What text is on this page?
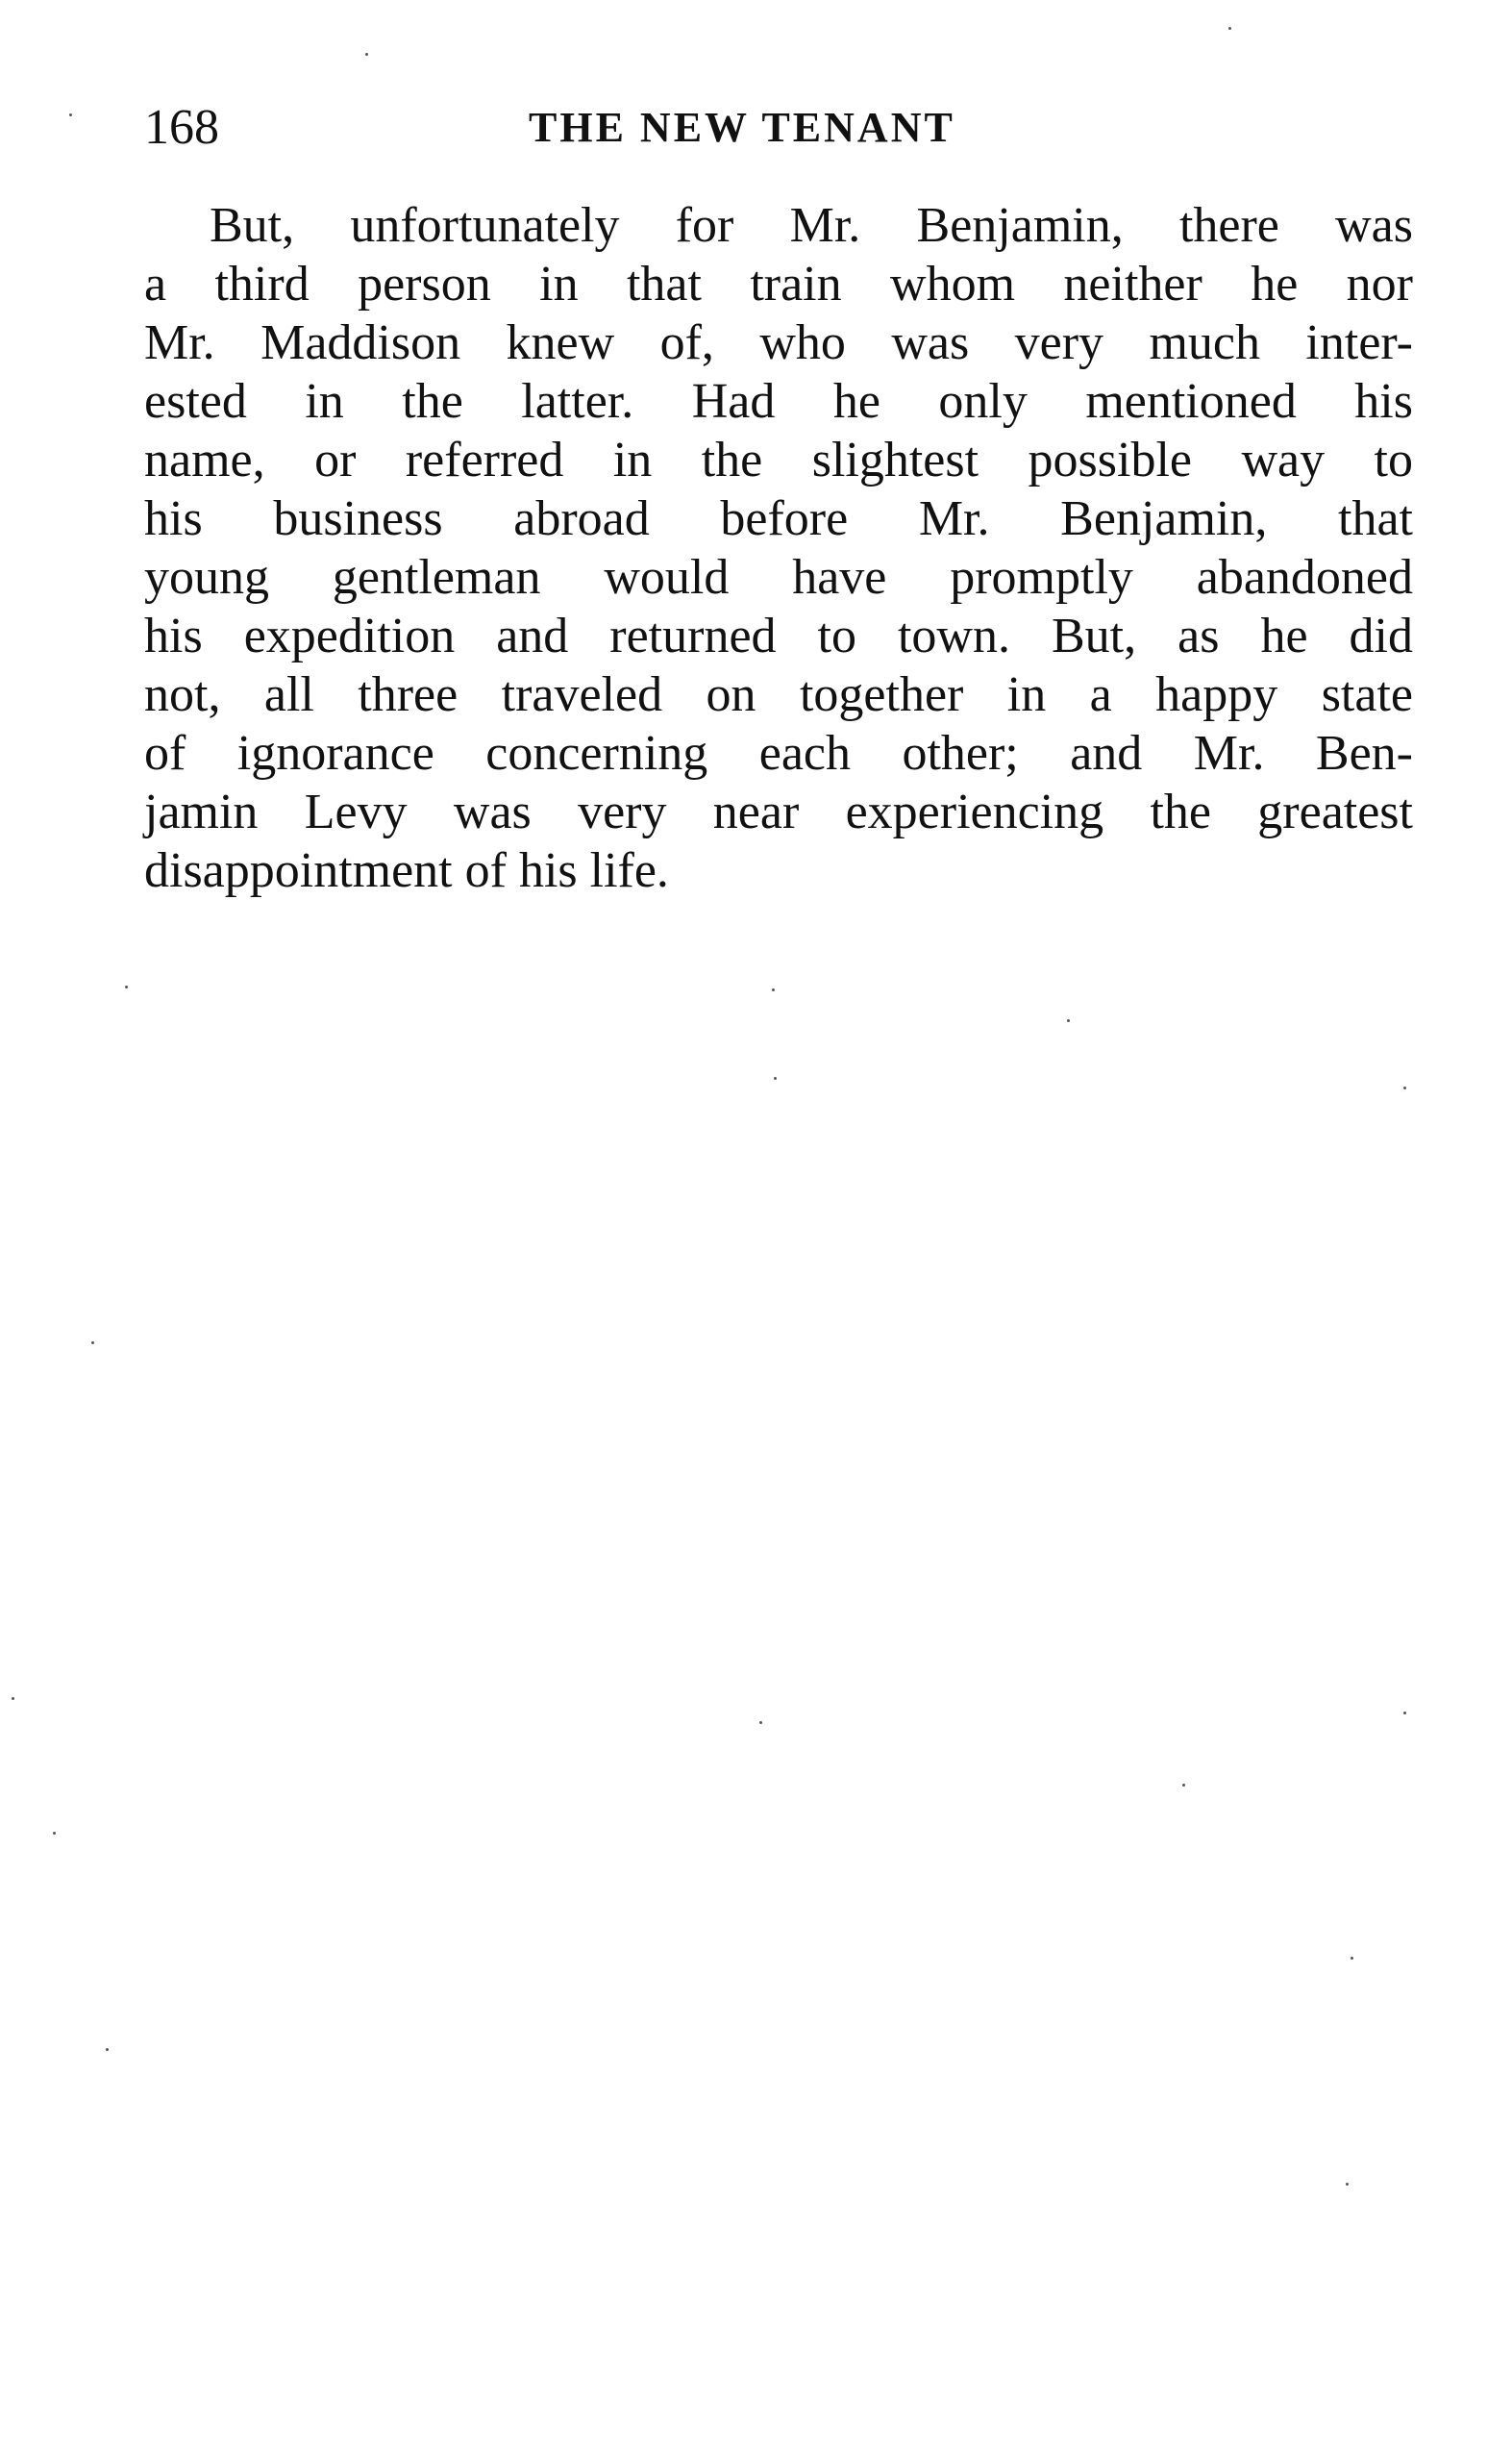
168	THE NEW TENANT
But, unfortunately for Mr. Benjamin, there was
a third person in that train whom neither he nor
Mr. Maddison knew of, who was very much inter-
ested in the latter. Had he only mentioned his
name, or referred in the slightest possible way to
his business abroad before Mr. Benjamin, that
young gentleman would have promptly abandoned
his expedition and returned to town. But, as he did
not, all three traveled on together in a happy state
of ignorance concerning each other; and Mr. Ben-
jamin Levy was very near experiencing the greatest
disappointment of his life.
